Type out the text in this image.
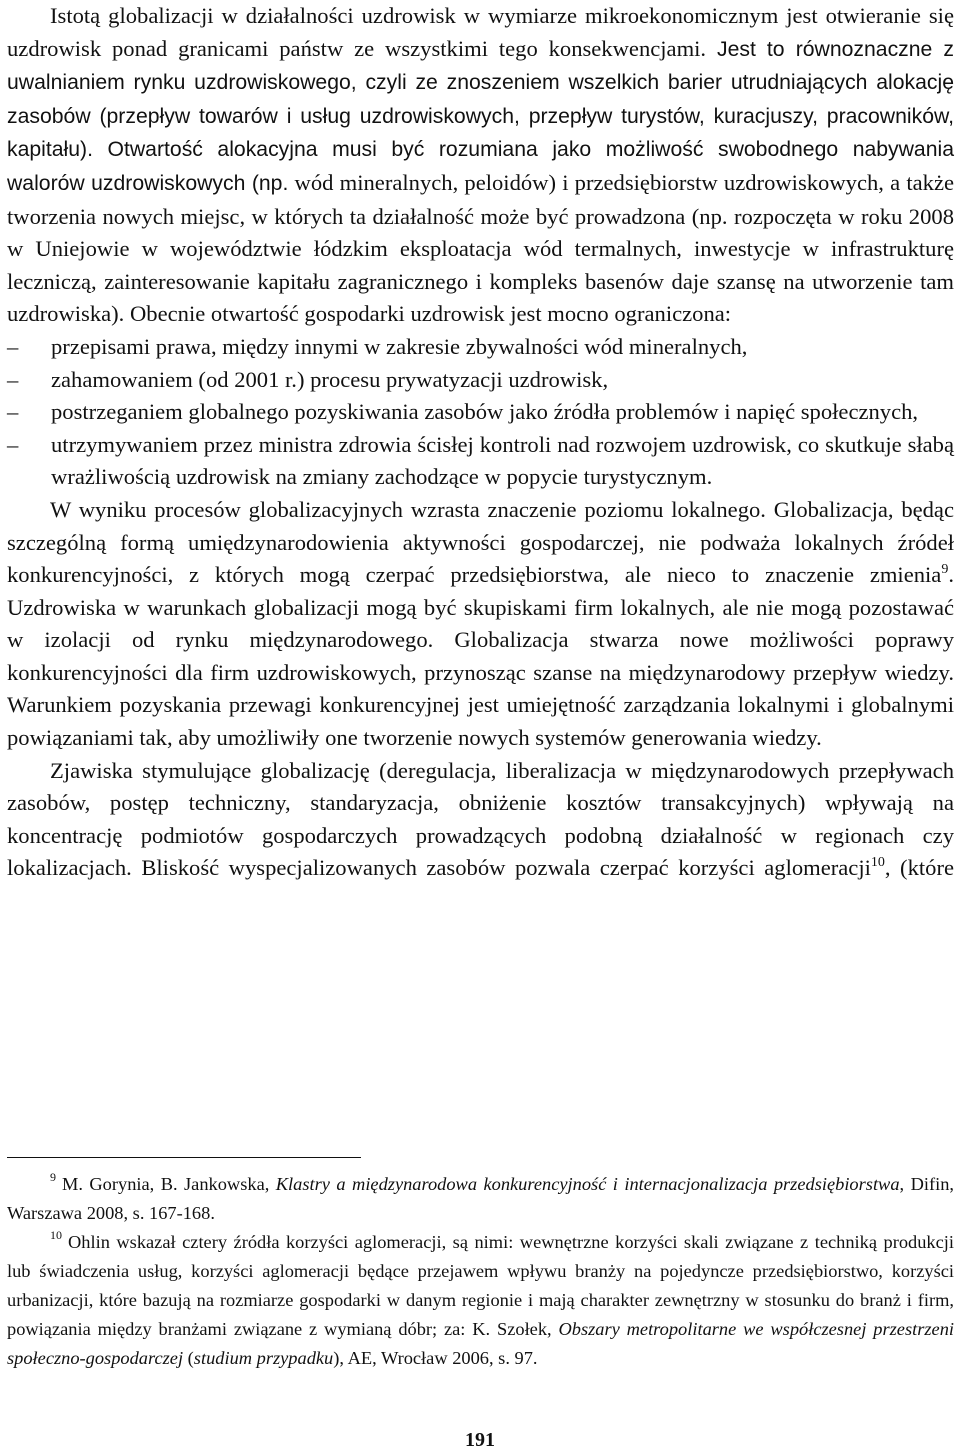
Istotą globalizacji w działalności uzdrowisk w wymiarze mikroekonomicznym jest otwieranie się uzdrowisk ponad granicami państw ze wszystkimi tego konsekwencjami. Jest to równoznaczne z uwalnianiem rynku uzdrowiskowego, czyli ze znoszeniem wszelkich barier utrudniających alokację zasobów (przepływ towarów i usług uzdrowiskowych, przepływ turystów, kuracjuszy, pracowników, kapitału). Otwartość alokacyjna musi być rozumiana jako możliwość swobodnego nabywania walorów uzdrowiskowych (np. wód mineralnych, peloidów) i przedsiębiorstw uzdrowiskowych, a także tworzenia nowych miejsc, w których ta działalność może być prowadzona (np. rozpoczęta w roku 2008 w Uniejowie w województwie łódzkim eksploatacja wód termalnych, inwestycje w infrastrukturę leczniczą, zainteresowanie kapitału zagranicznego i kompleks basenów daje szansę na utworzenie tam uzdrowiska). Obecnie otwartość gospodarki uzdrowisk jest mocno ograniczona:

– przepisami prawa, między innymi w zakresie zbywalności wód mineralnych,
– zahamowaniem (od 2001 r.) procesu prywatyzacji uzdrowisk,
– postrzeganiem globalnego pozyskiwania zasobów jako źródła problemów i napięć społecznych,
– utrzymywaniem przez ministra zdrowia ścisłej kontroli nad rozwojem uzdrowisk, co skutkuje słabą wrażliwością uzdrowisk na zmiany zachodzące w popycie turystycznym.

W wyniku procesów globalizacyjnych wzrasta znaczenie poziomu lokalnego. Globalizacja, będąc szczególną formą umiędzynarodowienia aktywności gospodarczej, nie podważa lokalnych źródeł konkurencyjności, z których mogą czerpać przedsiębiorstwa, ale nieco to znaczenie zmienia$^9$. Uzdrowiska w warunkach globalizacji mogą być skupiskami firm lokalnych, ale nie mogą pozostawać w izolacji od rynku międzynarodowego. Globalizacja stwarza nowe możliwości poprawy konkurencyjności dla firm uzdrowiskowych, przynosząc szanse na międzynarodowy przepływ wiedzy. Warunkiem pozyskania przewagi konkurencyjnej jest umiejętność zarządzania lokalnymi i globalnymi powiązaniami tak, aby umożliwiły one tworzenie nowych systemów generowania wiedzy.

Zjawiska stymulujące globalizację (deregulacja, liberalizacja w międzynarodowych przepływach zasobów, postęp techniczny, standaryzacja, obniżenie kosztów transakcyjnych) wpływają na koncentrację podmiotów gospodarczych prowadzących podobną działalność w regionach czy lokalizacjach. Bliskość wyspecjalizowanych zasobów pozwala czerpać korzyści aglomeracji$^{10}$, (które

$^9$ M. Gorynia, B. Jankowska, Klastry a międzynarodowa konkurencyjność i internacjonalizacja przedsiębiorstwa, Difin, Warszawa 2008, s. 167-168.

$^{10}$ Ohlin wskazał cztery źródła korzyści aglomeracji, są nimi: wewnętrzne korzyści skali związane z techniką produkcji lub świadczenia usług, korzyści aglomeracji będące przejawem wpływu branży na pojedyncze przedsiębiorstwo, korzyści urbanizacji, które bazują na rozmiarze gospodarki w danym regionie i mają charakter zewnętrzny w stosunku do branż i firm, powiązania między branżami związane z wymianą dóbr; za: K. Szołek, Obszary metropolitarne we współczesnej przestrzeni społeczno-gospodarczej (studium przypadku), AE, Wrocław 2006, s. 97.

191
